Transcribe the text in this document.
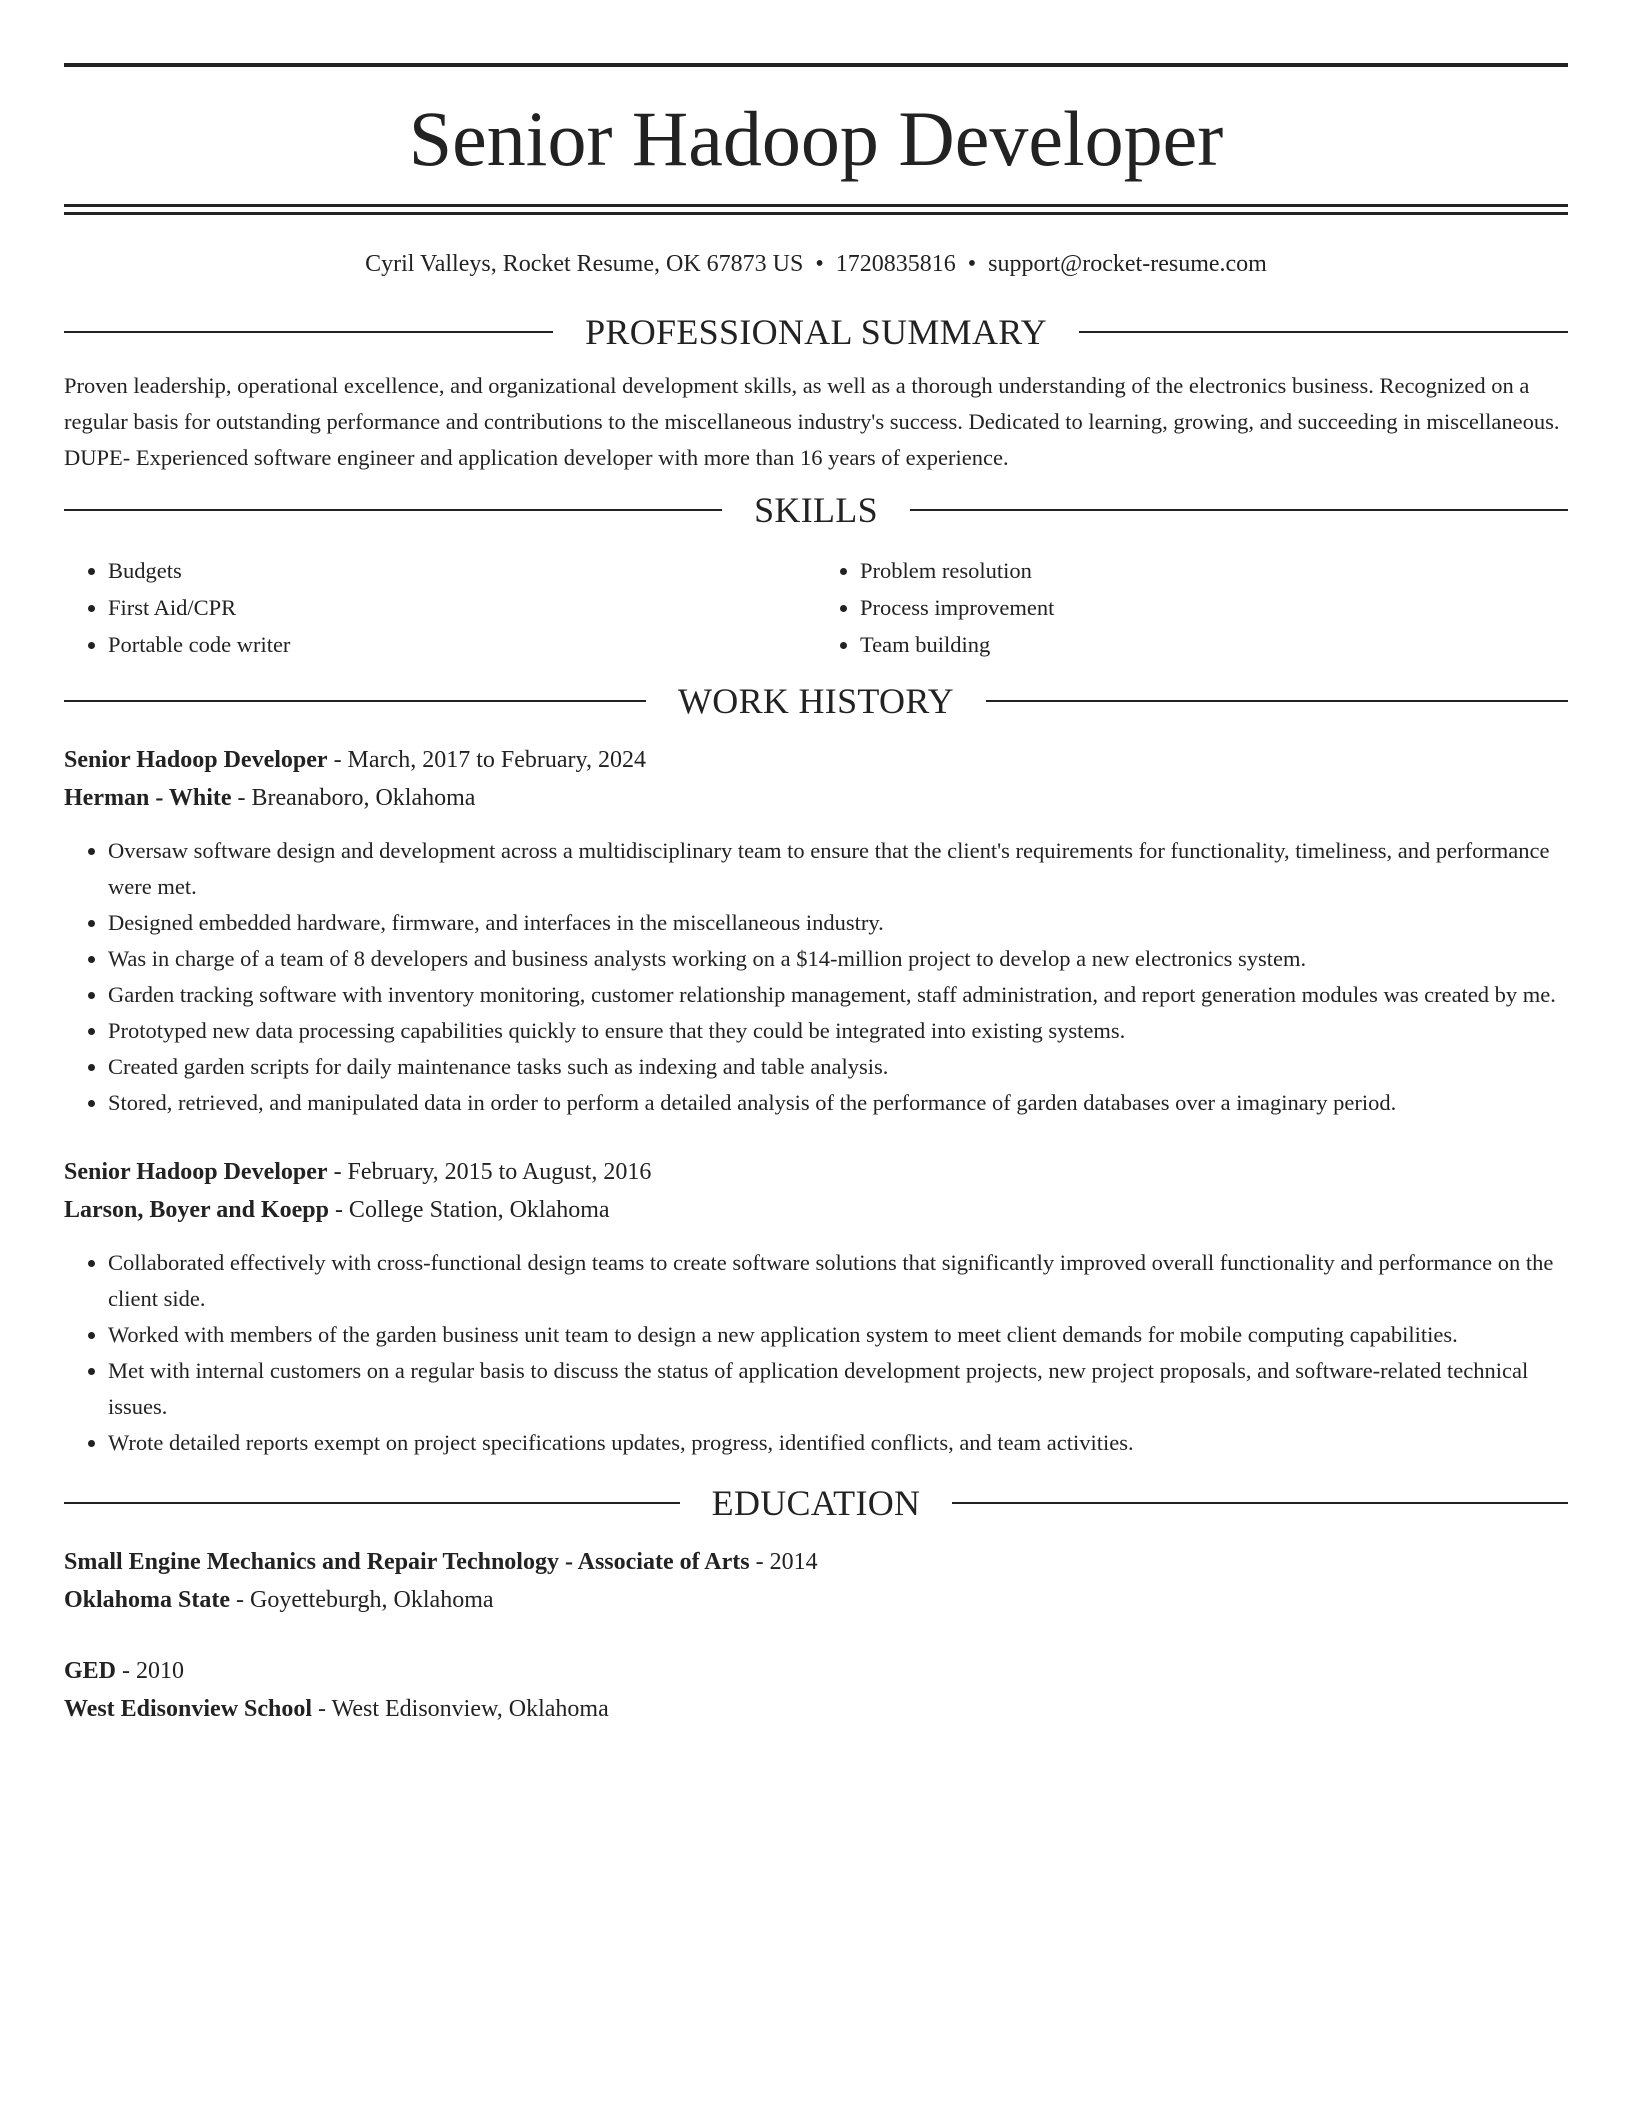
Senior Hadoop Developer
Cyril Valleys, Rocket Resume, OK 67873 US • 1720835816 • support@rocket-resume.com
PROFESSIONAL SUMMARY

Proven leadership, operational excellence, and organizational development skills, as well as a thorough understanding of the electronics business. Recognized on a regular basis for outstanding performance and contributions to the miscellaneous industry's success. Dedicated to learning, growing, and succeeding in miscellaneous. DUPE- Experienced software engineer and application developer with more than 16 years of experience.

SKILLS
• Budgets
• First Aid/CPR
• Portable code writer
• Problem resolution
• Process improvement
• Team building
WORK HISTORY
Senior Hadoop Developer - March, 2017 to February, 2024
Herman - White - Breanaboro, Oklahoma
• Oversaw software design and development across a multidisciplinary team to ensure that the client's requirements for functionality, timeliness, and performance were met.
• Designed embedded hardware, firmware, and interfaces in the miscellaneous industry.
• Was in charge of a team of 8 developers and business analysts working on a $14-million project to develop a new electronics system.
• Garden tracking software with inventory monitoring, customer relationship management, staff administration, and report generation modules was created by me.
• Prototyped new data processing capabilities quickly to ensure that they could be integrated into existing systems.
• Created garden scripts for daily maintenance tasks such as indexing and table analysis.
• Stored, retrieved, and manipulated data in order to perform a detailed analysis of the performance of garden databases over a imaginary period.
Senior Hadoop Developer - February, 2015 to August, 2016
Larson, Boyer and Koepp - College Station, Oklahoma
• Collaborated effectively with cross-functional design teams to create software solutions that significantly improved overall functionality and performance on the client side.
• Worked with members of the garden business unit team to design a new application system to meet client demands for mobile computing capabilities.
• Met with internal customers on a regular basis to discuss the status of application development projects, new project proposals, and software-related technical issues.
• Wrote detailed reports exempt on project specifications updates, progress, identified conflicts, and team activities.
EDUCATION
Small Engine Mechanics and Repair Technology - Associate of Arts - 2014
Oklahoma State - Goyetteburgh, Oklahoma
GED - 2010
West Edisonview School - West Edisonview, Oklahoma
